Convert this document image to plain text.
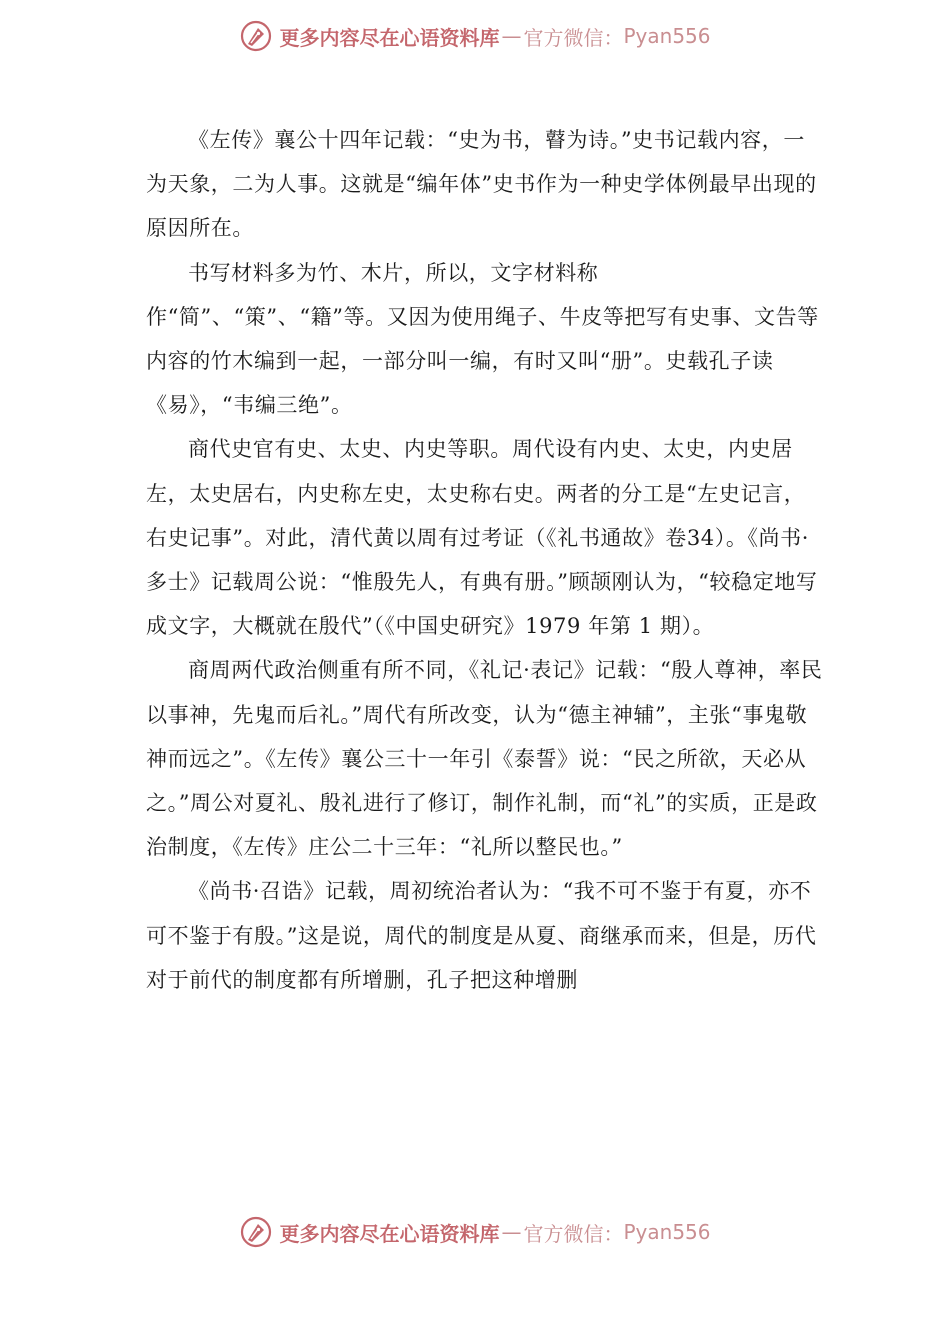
更多内容尽在心语资料库 — 官方微信： Pyan556

《左传》襄公十四年记载：“史为书，瞽为诗。”史书记载内容，一为天象，二为人事。这就是“编年体”史书作为一种史学体例最早出现的原因所在。

书写材料多为竹、木片，所以，文字材料称作“简”、“策”、“籍”等。又因为使用绳子、牛皮等把写有史事、文告等内容的竹木编到一起，一部分叫一编，有时又叫“册”。史载孔子读《易》，“韦编三绝”。

商代史官有史、太史、内史等职。周代设有内史、太史，内史居左，太史居右，内史称左史，太史称右史。两者的分工是“左史记言，右史记事”。对此，清代黄以周有过考证（《礼书通故》卷34）。《尚书·多士》记载周公说：“惟殷先人，有典有册。”顾颉刚认为，“较稳定地写成文字，大概就在殷代”（《中国史研究》1979 年第 1 期）。

商周两代政治侧重有所不同，《礼记·表记》记载：“殷人尊神，率民以事神，先鬼而后礼。”周代有所改变，认为“德主神辅”，主张“事鬼敬神而远之”。《左传》襄公三十一年引《泰誓》说：“民之所欲，天必从之。”周公对夏礼、殷礼进行了修订，制作礼制，而“礼”的实质，正是政治制度，《左传》庄公二十三年：“礼所以整民也。”

《尚书·召诰》记载，周初统治者认为：“我不可不鉴于有夏，亦不可不鉴于有殷。”这是说，周代的制度是从夏、商继承而来，但是，历代对于前代的制度都有所增删，孔子把这种增删

更多内容尽在心语资料库 — 官方微信： Pyan556
